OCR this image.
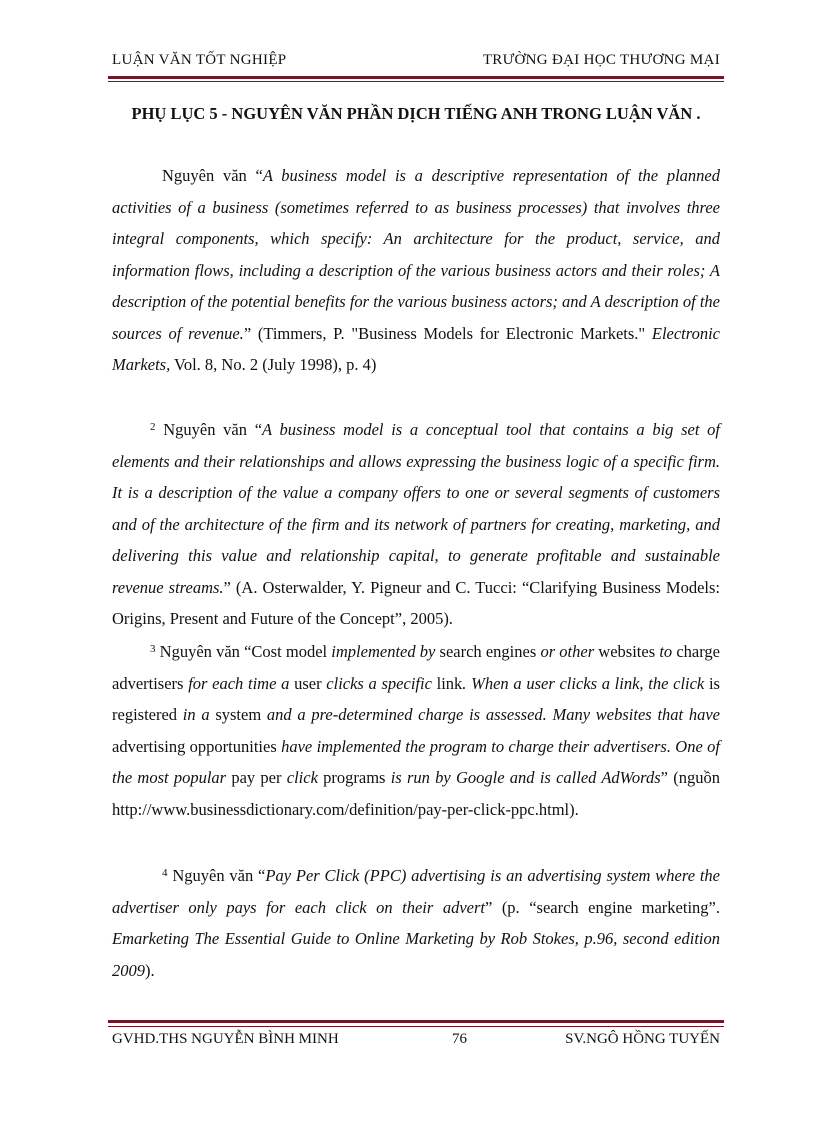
LUẬN VĂN TỐT NGHIỆP	TRƯỜNG ĐẠI HỌC THƯƠNG MẠI
PHỤ LỤC 5 - NGUYÊN VĂN PHẦN DỊCH TIẾNG ANH TRONG LUẬN VĂN .
Nguyên văn “A business model is a descriptive representation of the planned activities of a business (sometimes referred to as business processes) that involves three integral components, which specify: An architecture for the product, service, and information flows, including a description of the various business actors and their roles; A description of the potential benefits for the various business actors; and A description of the sources of revenue.” (Timmers, P. "Business Models for Electronic Markets." Electronic Markets, Vol. 8, No. 2 (July 1998), p. 4)
$^2$ Nguyên văn “A business model is a conceptual tool that contains a big set of elements and their relationships and allows expressing the business logic of a specific firm. It is a description of the value a company offers to one or several segments of customers and of the architecture of the firm and its network of partners for creating, marketing, and delivering this value and relationship capital, to generate profitable and sustainable revenue streams.” (A. Osterwalder, Y. Pigneur and C. Tucci: “Clarifying Business Models: Origins, Present and Future of the Concept”, 2005).
$^3$ Nguyên văn “Cost model implemented by search engines or other websites to charge advertisers for each time a user clicks a specific link. When a user clicks a link, the click is registered in a system and a pre-determined charge is assessed. Many websites that have advertising opportunities have implemented the program to charge their advertisers. One of the most popular pay per click programs is run by Google and is called AdWords” (nguồn http://www.businessdictionary.com/definition/pay-per-click-ppc.html).
$^4$ Nguyên văn “Pay Per Click (PPC) advertising is an advertising system where the advertiser only pays for each click on their advert” (p. “search engine marketing”. Emarketing The Essential Guide to Online Marketing by Rob Stokes, p.96, second edition 2009).
GVHD.THS NGUYỄN BÌNH MINH	76	SV.NGÔ HỒNG TUYẾN
